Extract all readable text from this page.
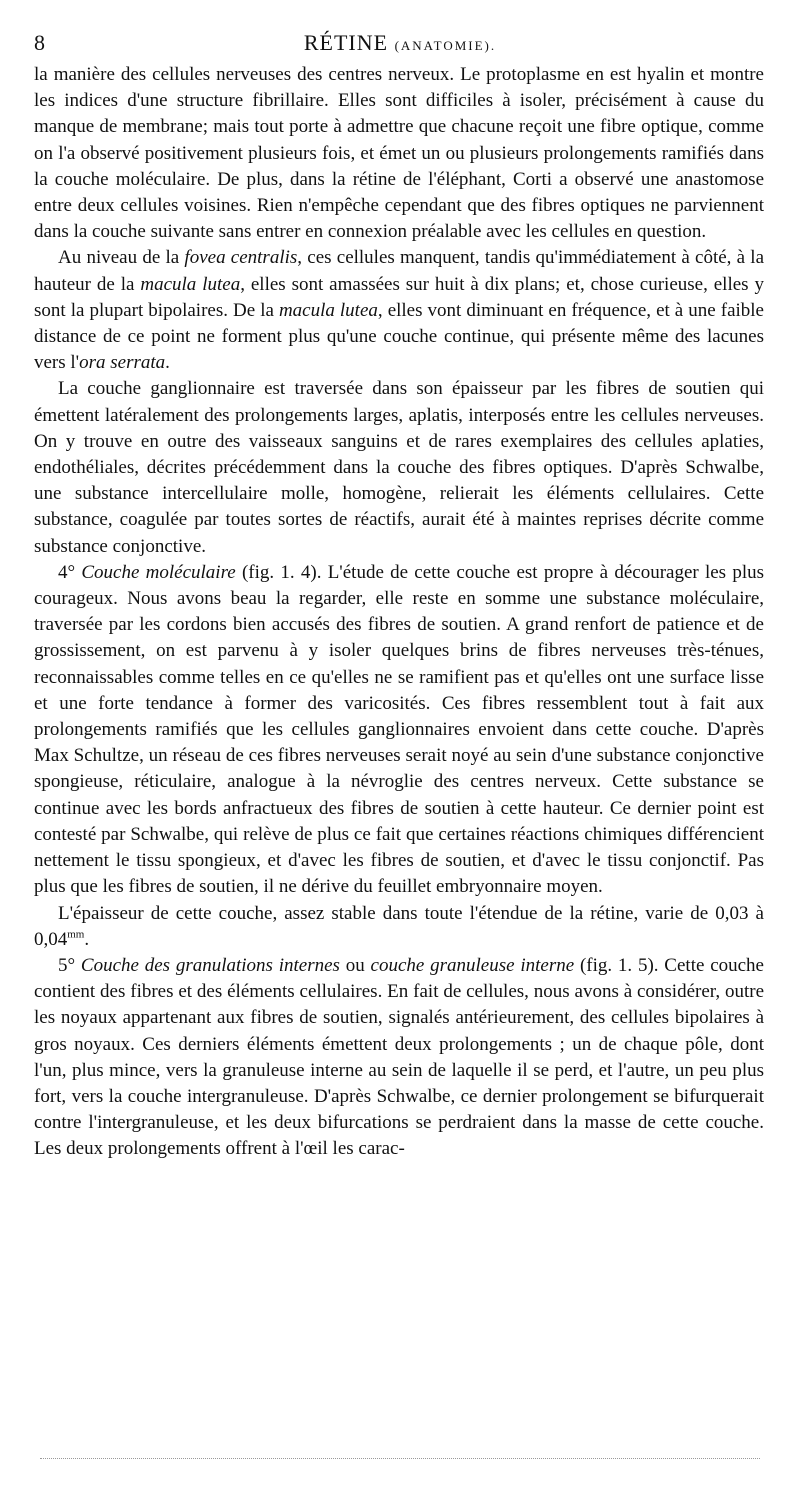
8	RÉTINE (ANATOMIE).

la manière des cellules nerveuses des centres nerveux. Le protoplasme en est hyalin et montre les indices d'une structure fibrillaire. Elles sont difficiles à isoler, précisément à cause du manque de membrane; mais tout porte à admettre que chacune reçoit une fibre optique, comme on l'a observé positivement plusieurs fois, et émet un ou plusieurs prolongements ramifiés dans la couche moléculaire. De plus, dans la rétine de l'éléphant, Corti a observé une anastomose entre deux cellules voisines. Rien n'empêche cependant que des fibres optiques ne parviennent dans la couche suivante sans entrer en connexion préalable avec les cellules en question.

Au niveau de la fovea centralis, ces cellules manquent, tandis qu'immédiatement à côté, à la hauteur de la macula lutea, elles sont amassées sur huit à dix plans; et, chose curieuse, elles y sont la plupart bipolaires. De la macula lutea, elles vont diminuant en fréquence, et à une faible distance de ce point ne forment plus qu'une couche continue, qui présente même des lacunes vers l'ora serrata.

La couche ganglionnaire est traversée dans son épaisseur par les fibres de soutien qui émettent latéralement des prolongements larges, aplatis, interposés entre les cellules nerveuses. On y trouve en outre des vaisseaux sanguins et de rares exemplaires des cellules aplaties, endothéliales, décrites précédemment dans la couche des fibres optiques. D'après Schwalbe, une substance intercellulaire molle, homogène, relierait les éléments cellulaires. Cette substance, coagulée par toutes sortes de réactifs, aurait été à maintes reprises décrite comme substance conjonctive.

4° Couche moléculaire (fig. 1. 4). L'étude de cette couche est propre à décourager les plus courageux. Nous avons beau la regarder, elle reste en somme une substance moléculaire, traversée par les cordons bien accusés des fibres de soutien. A grand renfort de patience et de grossissement, on est parvenu à y isoler quelques brins de fibres nerveuses très-ténues, reconnaissables comme telles en ce qu'elles ne se ramifient pas et qu'elles ont une surface lisse et une forte tendance à former des varicosités. Ces fibres ressemblent tout à fait aux prolongements ramifiés que les cellules ganglionnaires envoient dans cette couche. D'après Max Schultze, un réseau de ces fibres nerveuses serait noyé au sein d'une substance conjonctive spongieuse, réticulaire, analogue à la névroglie des centres nerveux. Cette substance se continue avec les bords anfractueux des fibres de soutien à cette hauteur. Ce dernier point est contesté par Schwalbe, qui relève de plus ce fait que certaines réactions chimiques différencient nettement le tissu spongieux, et d'avec les fibres de soutien, et d'avec le tissu conjonctif. Pas plus que les fibres de soutien, il ne dérive du feuillet embryonnaire moyen.

L'épaisseur de cette couche, assez stable dans toute l'étendue de la rétine, varie de 0,03 à $0,04^{mm}$.

5° Couche des granulations internes ou couche granuleuse interne (fig. 1. 5). Cette couche contient des fibres et des éléments cellulaires. En fait de cellules, nous avons à considérer, outre les noyaux appartenant aux fibres de soutien, signalés antérieurement, des cellules bipolaires à gros noyaux. Ces derniers éléments émettent deux prolongements ; un de chaque pôle, dont l'un, plus mince, vers la granuleuse interne au sein de laquelle il se perd, et l'autre, un peu plus fort, vers la couche intergranuleuse. D'après Schwalbe, ce dernier prolongement se bifurquerait contre l'intergranuleuse, et les deux bifurcations se perdraient dans la masse de cette couche. Les deux prolongements offrent à l'œil les carac-
